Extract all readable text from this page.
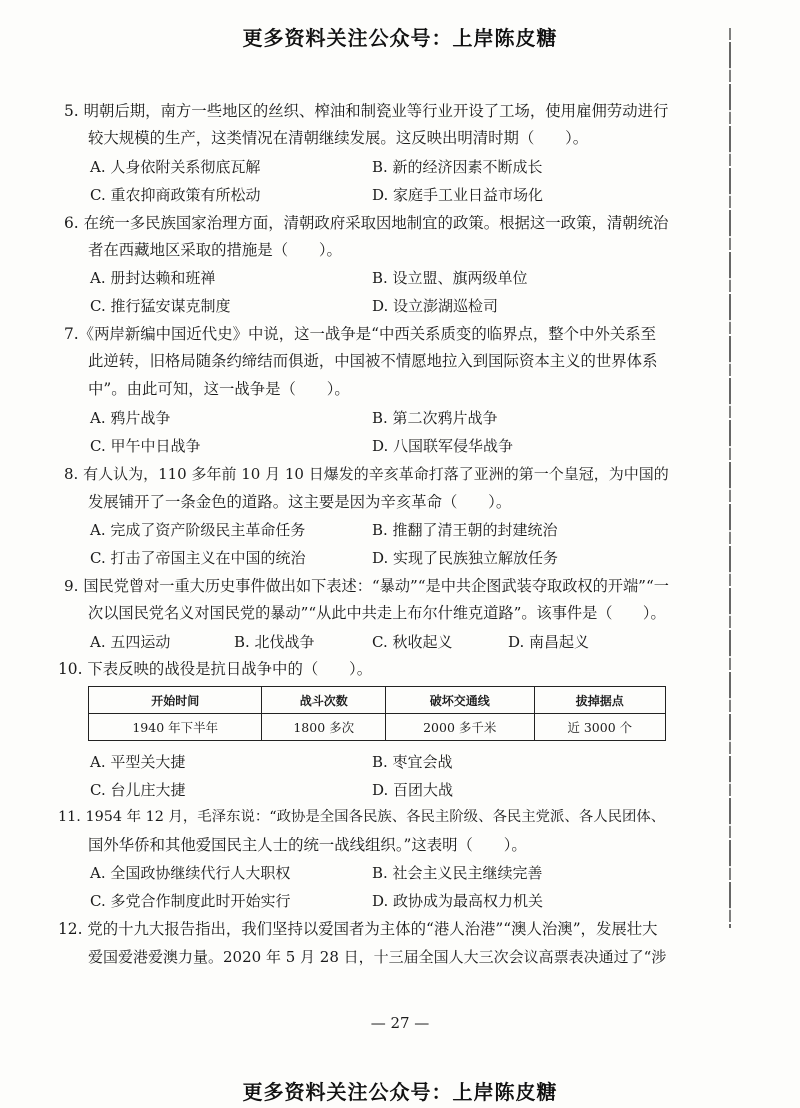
更多资料关注公众号：上岸陈皮糖
5. 明朝后期，南方一些地区的丝织、榨油和制瓷业等行业开设了工场，使用雇佣劳动进行
较大规模的生产，这类情况在清朝继续发展。这反映出明清时期（　　）。
A. 人身依附关系彻底瓦解	B. 新的经济因素不断成长
C. 重农抑商政策有所松动	D. 家庭手工业日益市场化
6. 在统一多民族国家治理方面，清朝政府采取因地制宜的政策。根据这一政策，清朝统治
者在西藏地区采取的措施是（　　）。
A. 册封达赖和班禅	B. 设立盟、旗两级单位
C. 推行猛安谋克制度	D. 设立澎湖巡检司
7.《两岸新编中国近代史》中说，这一战争是“中西关系质变的临界点，整个中外关系至
此逆转，旧格局随条约缔结而俱逝，中国被不情愿地拉入到国际资本主义的世界体系
中”。由此可知，这一战争是（　　）。
A. 鸦片战争	B. 第二次鸦片战争
C. 甲午中日战争	D. 八国联军侵华战争
8. 有人认为，110 多年前 10 月 10 日爆发的辛亥革命打落了亚洲的第一个皇冠，为中国的
发展铺开了一条金色的道路。这主要是因为辛亥革命（　　）。
A. 完成了资产阶级民主革命任务	B. 推翻了清王朝的封建统治
C. 打击了帝国主义在中国的统治	D. 实现了民族独立解放任务
9. 国民党曾对一重大历史事件做出如下表述：“暴动”“是中共企图武装夺取政权的开端”“一
次以国民党名义对国民党的暴动”“从此中共走上布尔什维克道路”。该事件是（　　）。
A. 五四运动	B. 北伐战争	C. 秋收起义	D. 南昌起义
10. 下表反映的战役是抗日战争中的（　　）。
开始时间	战斗次数	破坏交通线	拔掉据点
1940 年下半年	1800 多次	2000 多千米	近 3000 个
A. 平型关大捷	B. 枣宜会战
C. 台儿庄大捷	D. 百团大战
11. 1954 年 12 月，毛泽东说：“政协是全国各民族、各民主阶级、各民主党派、各人民团体、
国外华侨和其他爱国民主人士的统一战线组织。”这表明（　　）。
A. 全国政协继续代行人大职权	B. 社会主义民主继续完善
C. 多党合作制度此时开始实行	D. 政协成为最高权力机关
12. 党的十九大报告指出，我们坚持以爱国者为主体的“港人治港”“澳人治澳”，发展壮大
爱国爱港爱澳力量。2020 年 5 月 28 日，十三届全国人大三次会议高票表决通过了“涉
— 27 —
更多资料关注公众号：上岸陈皮糖
